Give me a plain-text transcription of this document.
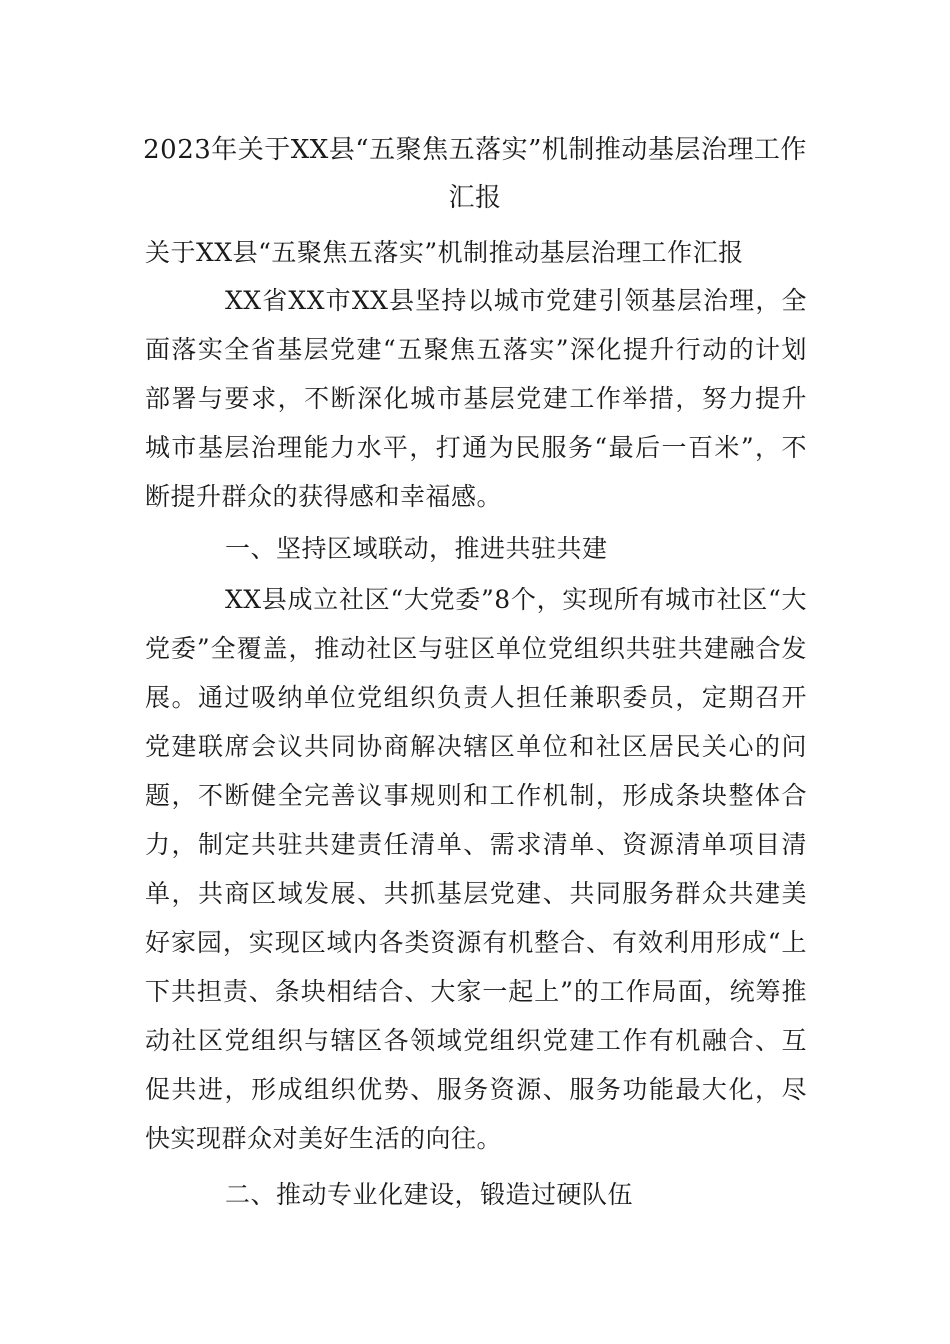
2023年关于XX县“五聚焦五落实”机制推动基层治理工作汇报

关于XX县“五聚焦五落实”机制推动基层治理工作汇报

XX省XX市XX县坚持以城市党建引领基层治理，全面落实全省基层党建“五聚焦五落实”深化提升行动的计划部署与要求，不断深化城市基层党建工作举措，努力提升城市基层治理能力水平，打通为民服务“最后一百米”，不断提升群众的获得感和幸福感。

一、坚持区域联动，推进共驻共建

XX县成立社区“大党委”8个，实现所有城市社区“大党委”全覆盖，推动社区与驻区单位党组织共驻共建融合发展。通过吸纳单位党组织负责人担任兼职委员，定期召开党建联席会议共同协商解决辖区单位和社区居民关心的问题，不断健全完善议事规则和工作机制，形成条块整体合力，制定共驻共建责任清单、需求清单、资源清单项目清单，共商区域发展、共抓基层党建、共同服务群众共建美好家园，实现区域内各类资源有机整合、有效利用形成“上下共担责、条块相结合、大家一起上”的工作局面，统筹推动社区党组织与辖区各领域党组织党建工作有机融合、互促共进，形成组织优势、服务资源、服务功能最大化，尽快实现群众对美好生活的向往。

二、推动专业化建设，锻造过硬队伍
